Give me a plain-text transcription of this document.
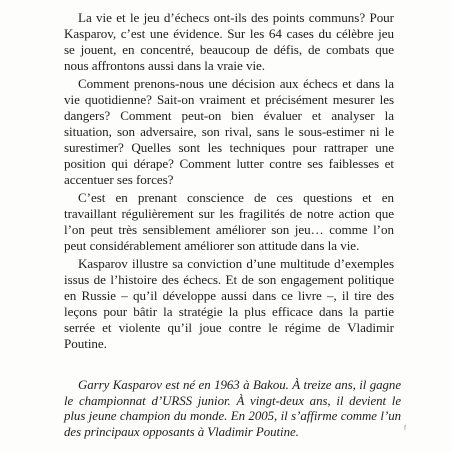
La vie et le jeu d’échecs ont-ils des points communs? Pour Kasparov, c’est une évidence. Sur les 64 cases du célèbre jeu se jouent, en concentré, beaucoup de défis, de combats que nous affrontons aussi dans la vraie vie.

Comment prenons-nous une décision aux échecs et dans la vie quotidienne? Sait-on vraiment et précisément mesurer les dangers? Comment peut-on bien évaluer et analyser la situation, son adversaire, son rival, sans le sous-estimer ni le surestimer? Quelles sont les techniques pour rattraper une position qui dérape? Comment lutter contre ses faiblesses et accentuer ses forces?

C’est en prenant conscience de ces questions et en travaillant régulièrement sur les fragilités de notre action que l’on peut très sensiblement améliorer son jeu… comme l’on peut considérablement améliorer son attitude dans la vie.

Kasparov illustre sa conviction d’une multitude d’exemples issus de l’histoire des échecs. Et de son engagement politique en Russie – qu’il développe aussi dans ce livre –, il tire des leçons pour bâtir la stratégie la plus efficace dans la partie serrée et violente qu’il joue contre le régime de Vladimir Poutine.

Garry Kasparov est né en 1963 à Bakou. À treize ans, il gagne le championnat d’URSS junior. À vingt-deux ans, il devient le plus jeune champion du monde. En 2005, il s’affirme comme l’un des principaux opposants à Vladimir Poutine.	ᶠ
